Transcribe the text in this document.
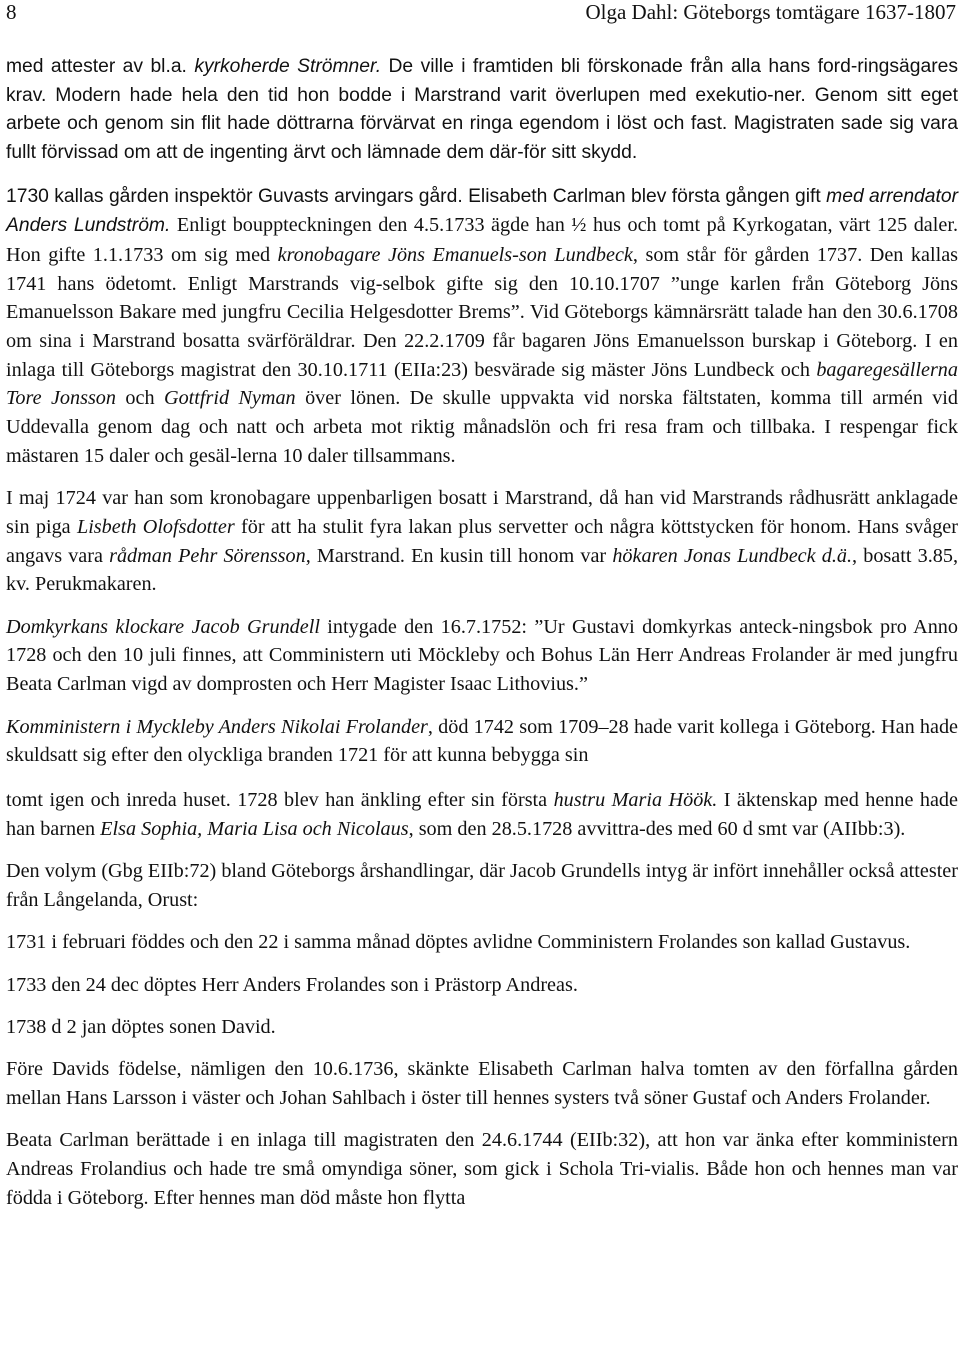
8	Olga Dahl: Göteborgs tomtägare 1637-1807

med attester av bl.a. kyrkoherde Strömner. De ville i framtiden bli förskonade från alla hans ford-ringsägares krav. Modern hade hela den tid hon bodde i Marstrand varit överlupen med exekutio-ner. Genom sitt eget arbete och genom sin flit hade döttrarna förvärvat en ringa egendom i löst och fast. Magistraten sade sig vara fullt förvissad om att de ingenting ärvt och lämnade dem där-för sitt skydd.

1730 kallas gården inspektör Guvasts arvingars gård. Elisabeth Carlman blev första gången gift med arrendator Anders Lundström. Enligt bouppteckningen den 4.5.1733 ägde han ½ hus och tomt på Kyrkogatan, värt 125 daler. Hon gifte 1.1.1733 om sig med kronobagare Jöns Emanuels-son Lundbeck, som står för gården 1737. Den kallas 1741 hans ödetomt. Enligt Marstrands vig-selbok gifte sig den 10.10.1707 ”unge karlen från Göteborg Jöns Emanuelsson Bakare med jungfru Cecilia Helgesdotter Brems”. Vid Göteborgs kämnärsrätt talade han den 30.6.1708 om sina i Marstrand bosatta svärföräldrar. Den 22.2.1709 får bagaren Jöns Emanuelsson burskap i Göteborg. I en inlaga till Göteborgs magistrat den 30.10.1711 (EIIa:23) besvärade sig mäster Jöns Lundbeck och bagaregesällerna Tore Jonsson och Gottfrid Nyman över lönen. De skulle uppvakta vid norska fältstaten, komma till armén vid Uddevalla genom dag och natt och arbeta mot riktig månadslön och fri resa fram och tillbaka. I respengar fick mästaren 15 daler och gesäl-lerna 10 daler tillsammans.

I maj 1724 var han som kronobagare uppenbarligen bosatt i Marstrand, då han vid Marstrands rådhusrätt anklagade sin piga Lisbeth Olofsdotter för att ha stulit fyra lakan plus servetter och några köttstycken för honom. Hans svåger angavs vara rådman Pehr Sörensson, Marstrand. En kusin till honom var hökaren Jonas Lundbeck d.ä., bosatt 3.85, kv. Perukmakaren.

Domkyrkans klockare Jacob Grundell intygade den 16.7.1752: ”Ur Gustavi domkyrkas anteck-ningsbok pro Anno 1728 och den 10 juli finnes, att Comministern uti Möckleby och Bohus Län Herr Andreas Frolander är med jungfru Beata Carlman vigd av domprosten och Herr Magister Isaac Lithovius.”

Komministern i Myckleby Anders Nikolai Frolander, död 1742 som 1709–28 hade varit kollega i Göteborg. Han hade skuldsatt sig efter den olyckliga branden 1721 för att kunna bebygga sin

tomt igen och inreda huset. 1728 blev han änkling efter sin första hustru Maria Höök. I äktenskap med henne hade han barnen Elsa Sophia, Maria Lisa och Nicolaus, som den 28.5.1728 avvittra-des med 60 d smt var (AIIbb:3).

Den volym (Gbg EIIb:72) bland Göteborgs årshandlingar, där Jacob Grundells intyg är infört innehåller också attester från Långelanda, Orust:

1731 i februari föddes och den 22 i samma månad döptes avlidne Comministern Frolandes son kallad Gustavus.

1733 den 24 dec döptes Herr Anders Frolandes son i Prästorp Andreas.

1738 d 2 jan döptes sonen David.

Före Davids födelse, nämligen den 10.6.1736, skänkte Elisabeth Carlman halva tomten av den förfallna gården mellan Hans Larsson i väster och Johan Sahlbach i öster till hennes systers två söner Gustaf och Anders Frolander.

Beata Carlman berättade i en inlaga till magistraten den 24.6.1744 (EIIb:32), att hon var änka efter komministern Andreas Frolandius och hade tre små omyndiga söner, som gick i Schola Tri-vialis. Både hon och hennes man var födda i Göteborg. Efter hennes man död måste hon flytta
